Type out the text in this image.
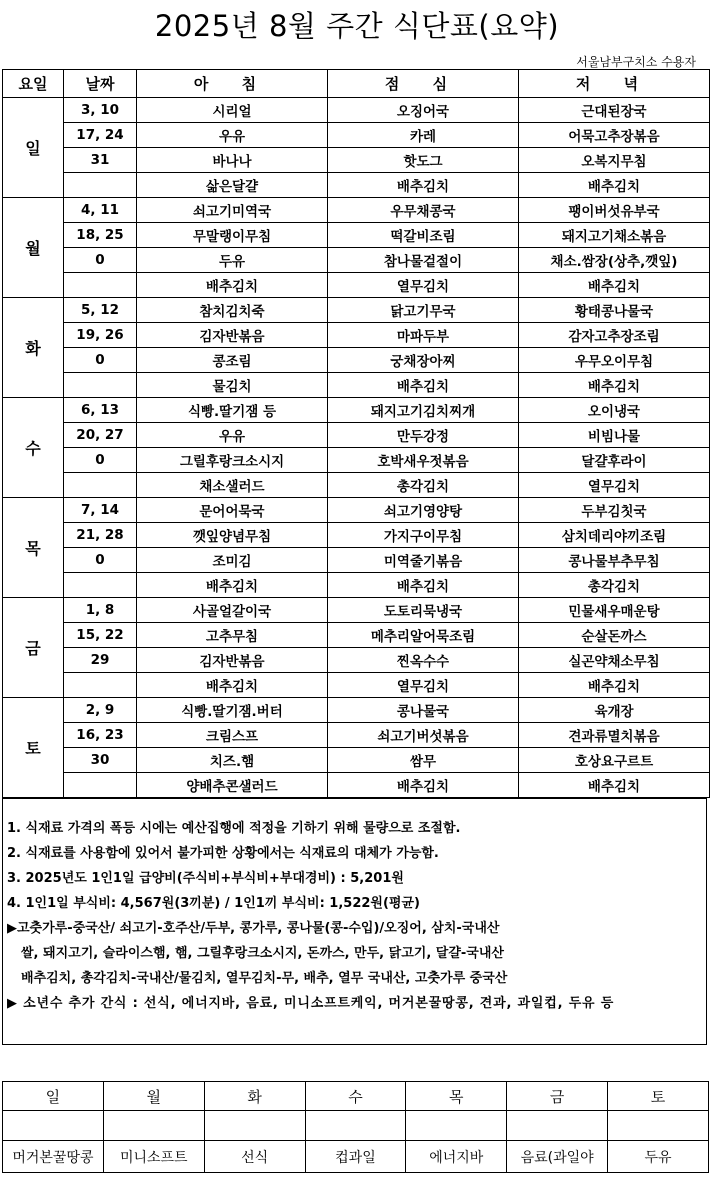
2025년 8월 주간 식단표(요약)
서울남부구치소 수용자
요일	날짜	아 침	점 심	저 녁
일	3, 10	시리얼	오징어국	근대된장국
	17, 24	우유	카레	어묵고추장볶음
	31	바나나	핫도그	오복지무침
		삶은달걀	배추김치	배추김치
월	4, 11	쇠고기미역국	우무채콩국	팽이버섯유부국
	18, 25	무말랭이무침	떡갈비조림	돼지고기채소볶음
	0	두유	참나물겉절이	채소.쌈장(상추,깻잎)
		배추김치	열무김치	배추김치
화	5, 12	참치김치죽	닭고기무국	황태콩나물국
	19, 26	김자반볶음	마파두부	감자고추장조림
	0	콩조림	궁채장아찌	우무오이무침
		물김치	배추김치	배추김치
수	6, 13	식빵.딸기잼 등	돼지고기김치찌개	오이냉국
	20, 27	우유	만두강정	비빔나물
	0	그릴후랑크소시지	호박새우젓볶음	달걀후라이
		채소샐러드	총각김치	열무김치
목	7, 14	문어어묵국	쇠고기영양탕	두부김칫국
	21, 28	깻잎양념무침	가지구이무침	삼치데리야끼조림
	0	조미김	미역줄기볶음	콩나물부추무침
		배추김치	배추김치	총각김치
금	1, 8	사골얼갈이국	도토리묵냉국	민물새우매운탕
	15, 22	고추무침	메추리알어묵조림	순살돈까스
	29	김자반볶음	찐옥수수	실곤약채소무침
		배추김치	열무김치	배추김치
토	2, 9	식빵.딸기잼.버터	콩나물국	육개장
	16, 23	크림스프	쇠고기버섯볶음	견과류멸치볶음
	30	치즈.햄	쌈무	호상요구르트
		양배추콘샐러드	배추김치	배추김치
1. 식재료 가격의 폭등 시에는 예산집행에 적정을 기하기 위해 물량으로 조절함.
2. 식재료를 사용함에 있어서 불가피한 상황에서는 식재료의 대체가 가능함.
3. 2025년도 1인1일 급양비(주식비+부식비+부대경비) : 5,201원
4. 1인1일 부식비: 4,567원(3끼분) / 1인1끼 부식비: 1,522원(평균)
▶고춧가루-중국산/ 쇠고기-호주산/두부, 콩가루, 콩나물(콩-수입)/오징어, 삼치-국내산
쌀, 돼지고기, 슬라이스햄, 햄, 그릴후랑크소시지, 돈까스, 만두, 닭고기, 달걀-국내산
배추김치, 총각김치-국내산/물김치, 열무김치-무, 배추, 열무 국내산, 고춧가루 중국산
▶ 소년수 추가 간식 : 선식, 에너지바, 음료, 미니소프트케익, 머거본꿀땅콩, 견과, 과일컵, 두유 등
일	월	화	수	목	금	토

머거본꿀땅콩	미니소프트	선식	컵과일	에너지바	음료(과일야	두유
